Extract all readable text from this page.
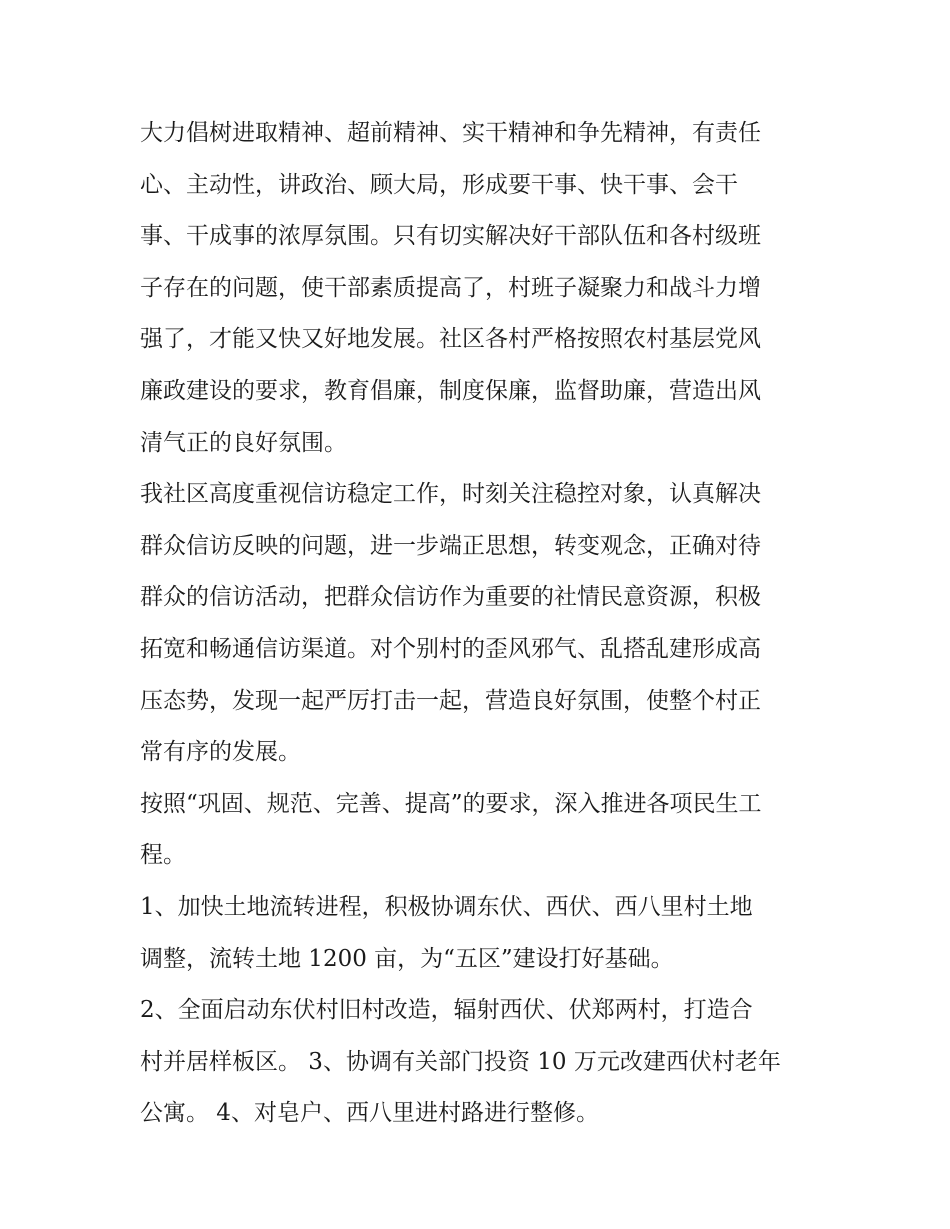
大力倡树进取精神、超前精神、实干精神和争先精神，有责任
心、主动性，讲政治、顾大局，形成要干事、快干事、会干
事、干成事的浓厚氛围。只有切实解决好干部队伍和各村级班
子存在的问题，使干部素质提高了，村班子凝聚力和战斗力增
强了，才能又快又好地发展。社区各村严格按照农村基层党风
廉政建设的要求，教育倡廉，制度保廉，监督助廉，营造出风
清气正的良好氛围。
我社区高度重视信访稳定工作，时刻关注稳控对象，认真解决
群众信访反映的问题，进一步端正思想，转变观念，正确对待
群众的信访活动，把群众信访作为重要的社情民意资源，积极
拓宽和畅通信访渠道。对个别村的歪风邪气、乱搭乱建形成高
压态势，发现一起严厉打击一起，营造良好氛围，使整个村正
常有序的发展。
按照“巩固、规范、完善、提高”的要求，深入推进各项民生工
程。
1、加快土地流转进程，积极协调东伏、西伏、西八里村土地
调整，流转土地 1200 亩，为“五区”建设打好基础。
2、全面启动东伏村旧村改造，辐射西伏、伏郑两村，打造合
村并居样板区。 3、协调有关部门投资 10 万元改建西伏村老年
公寓。 4、对皂户、西八里进村路进行整修。
